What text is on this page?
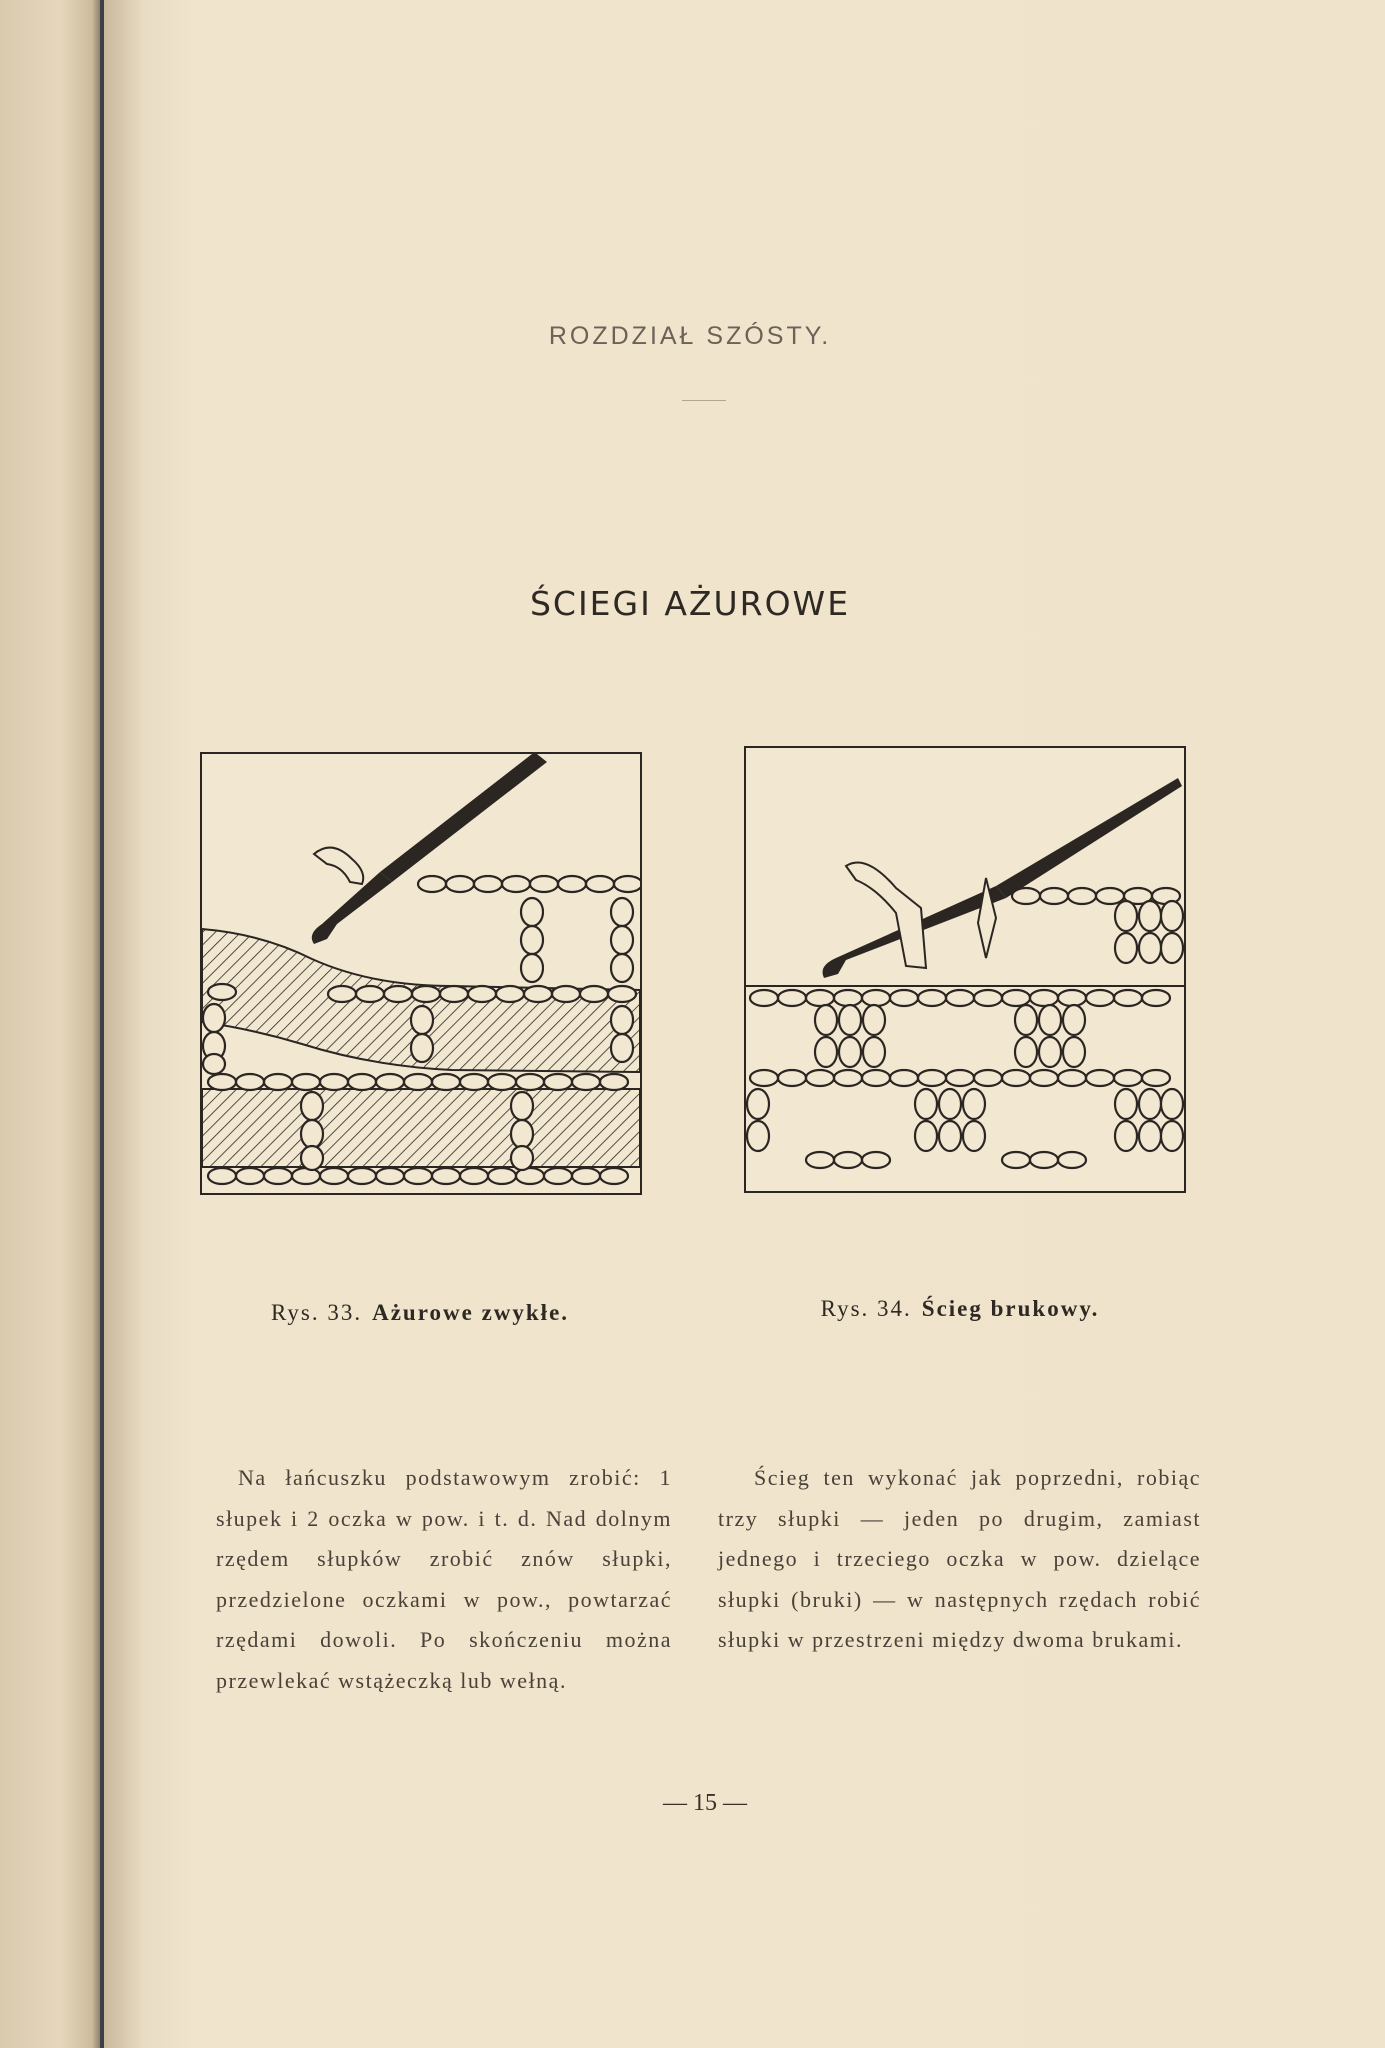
ROZDZIAŁ SZÓSTY.
ŚCIEGI AŻUROWE
Rys. 33. Ażurowe zwykłe.	Rys. 34. Ścieg brukowy.
Na łańcuszku podstawowym zrobić: 1 słupek i 2 oczka w pow. i t. d. Nad dolnym rzędem słupków zrobić znów słupki, przedzielone oczkami w pow., powtarzać rzędami dowoli. Po skończeniu można przewlekać wstążeczką lub wełną.
Ścieg ten wykonać jak poprzedni, robiąc trzy słupki — jeden po drugim, zamiast jednego i trzeciego oczka w pow. dzielące słupki (bruki) — w następnych rzędach robić słupki w przestrzeni między dwoma brukami.
— 15 —
